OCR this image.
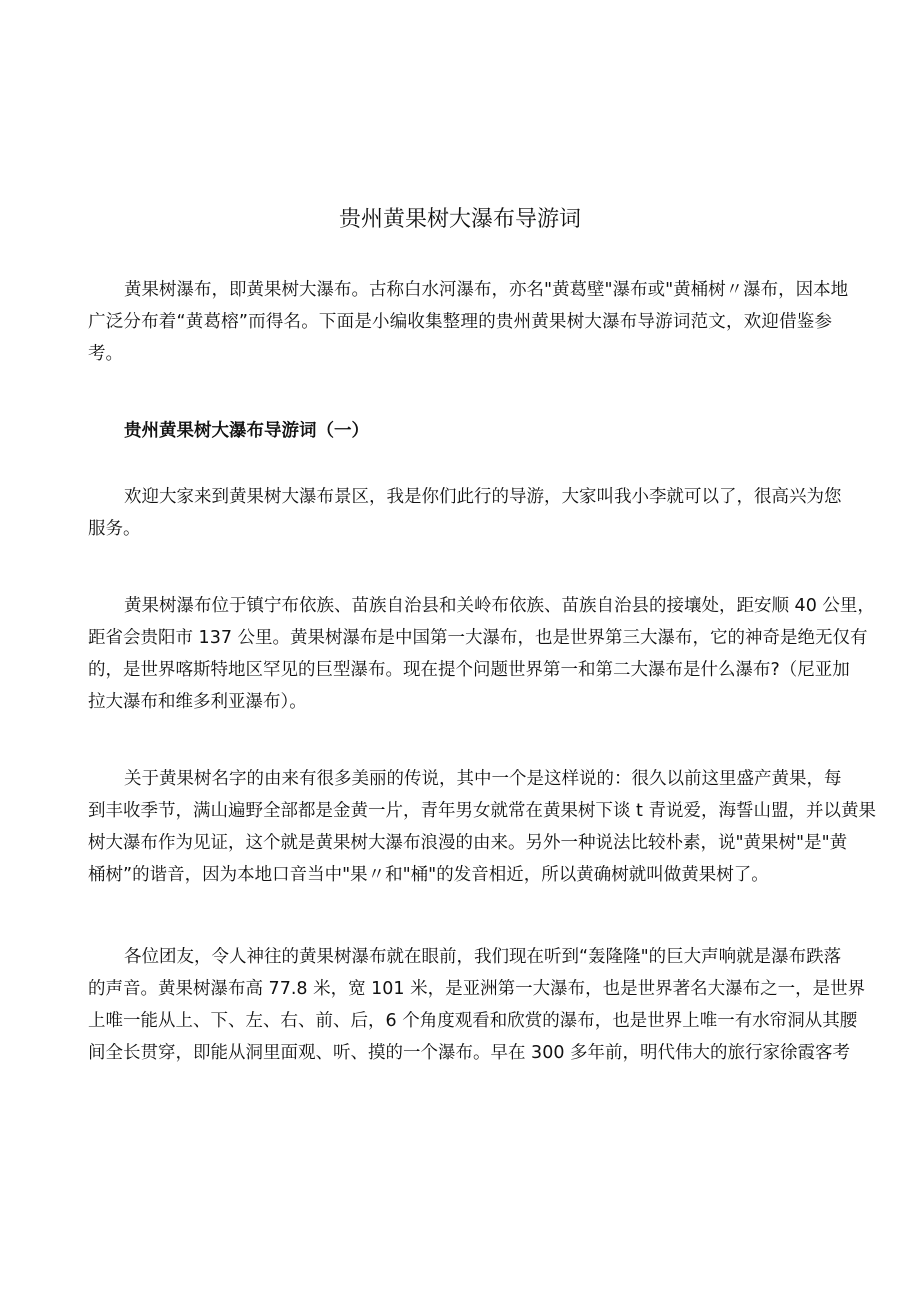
贵州黄果树大瀑布导游词
黄果树瀑布，即黄果树大瀑布。古称白水河瀑布，亦名"黄葛壁"瀑布或"黄桶树〃瀑布，因本地
广泛分布着“黄葛榕”而得名。下面是小编收集整理的贵州黄果树大瀑布导游词范文，欢迎借鉴参
考。
贵州黄果树大瀑布导游词（一）
欢迎大家来到黄果树大瀑布景区，我是你们此行的导游，大家叫我小李就可以了，很高兴为您
服务。
黄果树瀑布位于镇宁布依族、苗族自治县和关岭布依族、苗族自治县的接壤处，距安顺 40 公里，
距省会贵阳市 137 公里。黄果树瀑布是中国第一大瀑布，也是世界第三大瀑布，它的神奇是绝无仅有
的，是世界喀斯特地区罕见的巨型瀑布。现在提个问题世界第一和第二大瀑布是什么瀑布?（尼亚加
拉大瀑布和维多利亚瀑布）。
关于黄果树名字的由来有很多美丽的传说，其中一个是这样说的：很久以前这里盛产黄果，每
到丰收季节，满山遍野全部都是金黄一片，青年男女就常在黄果树下谈 t 青说爱，海誓山盟，并以黄果
树大瀑布作为见证，这个就是黄果树大瀑布浪漫的由来。另外一种说法比较朴素，说"黄果树"是"黄
桶树”的谐音，因为本地口音当中"果〃和"桶"的发音相近，所以黄确树就叫做黄果树了。
各位团友，令人神往的黄果树瀑布就在眼前，我们现在听到“轰隆隆"的巨大声响就是瀑布跌落
的声音。黄果树瀑布高 77.8 米，宽 101 米，是亚洲第一大瀑布，也是世界著名大瀑布之一，是世界
上唯一能从上、下、左、右、前、后，6 个角度观看和欣赏的瀑布，也是世界上唯一有水帘洞从其腰
间全长贯穿，即能从洞里面观、听、摸的一个瀑布。早在 300 多年前，明代伟大的旅行家徐霞客考
